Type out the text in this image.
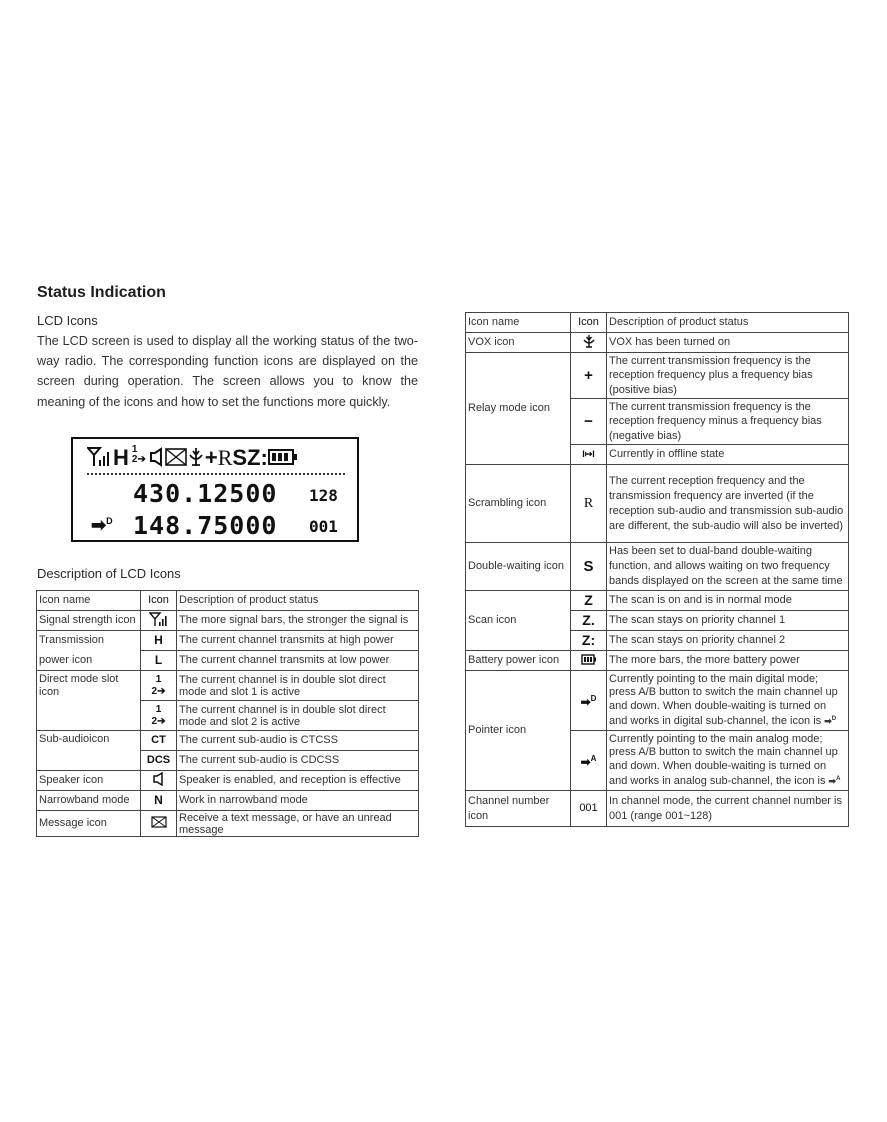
Status Indication
LCD Icons

The LCD screen is used to display all the working status of the two-way radio. The corresponding function icons are displayed on the screen during operation. The screen allows you to know the meaning of the icons and how to set the functions more quickly.

H 1
2➔	+RSZ:
430.12500 128
➡$^D$ 148.75000 001
Description of LCD Icons
Icon name	Icon	Description of product status
Signal strength icon		The more signal bars, the stronger the signal is
Transmission	H	The current channel transmits at high power
power icon	L	The current channel transmits at low power
Direct mode slot icon	1
2➔	The current channel is in double slot direct mode and slot 1 is active
	1
2➔	The current channel is in double slot direct mode and slot 2 is active
Sub-audioicon	CT	The current sub-audio is CTCSS
	DCS	The current sub-audio is CDCSS
Speaker icon		Speaker is enabled, and reception is effective
Narrowband mode	N	Work in narrowband mode
Message icon		Receive a text message, or have an unread message
Icon name	Icon	Description of product status
VOX icon		VOX has been turned on
Relay mode icon	+	The current transmission frequency is the reception frequency plus a frequency bias (positive bias)
	−	The current transmission frequency is the reception frequency minus a frequency bias (negative bias)
	I↦I	Currently in offline state
Scrambling icon	R	The current reception frequency and the transmission frequency are inverted (if the reception sub-audio and transmission sub-audio are different, the sub-audio will also be inverted)
Double-waiting icon	S	Has been set to dual-band double-waiting function, and allows waiting on two frequency bands displayed on the screen at the same time
Scan icon	Z	The scan is on and is in normal mode
	Z.	The scan stays on priority channel 1
	Z:	The scan stays on priority channel 2
Battery power icon		The more bars, the more battery power
Pointer icon	➡$^D$	Currently pointing to the main digital mode; press A/B button to switch the main channel up and down. When double-waiting is turned on and works in digital sub-channel, the icon is ➡$^D$
	➡$^A$	Currently pointing to the main analog mode; press A/B button to switch the main channel up and down. When double-waiting is turned on and works in analog sub-channel, the icon is ➡$^A$
Channel number icon	001	In channel mode, the current channel number is 001 (range 001~128)
